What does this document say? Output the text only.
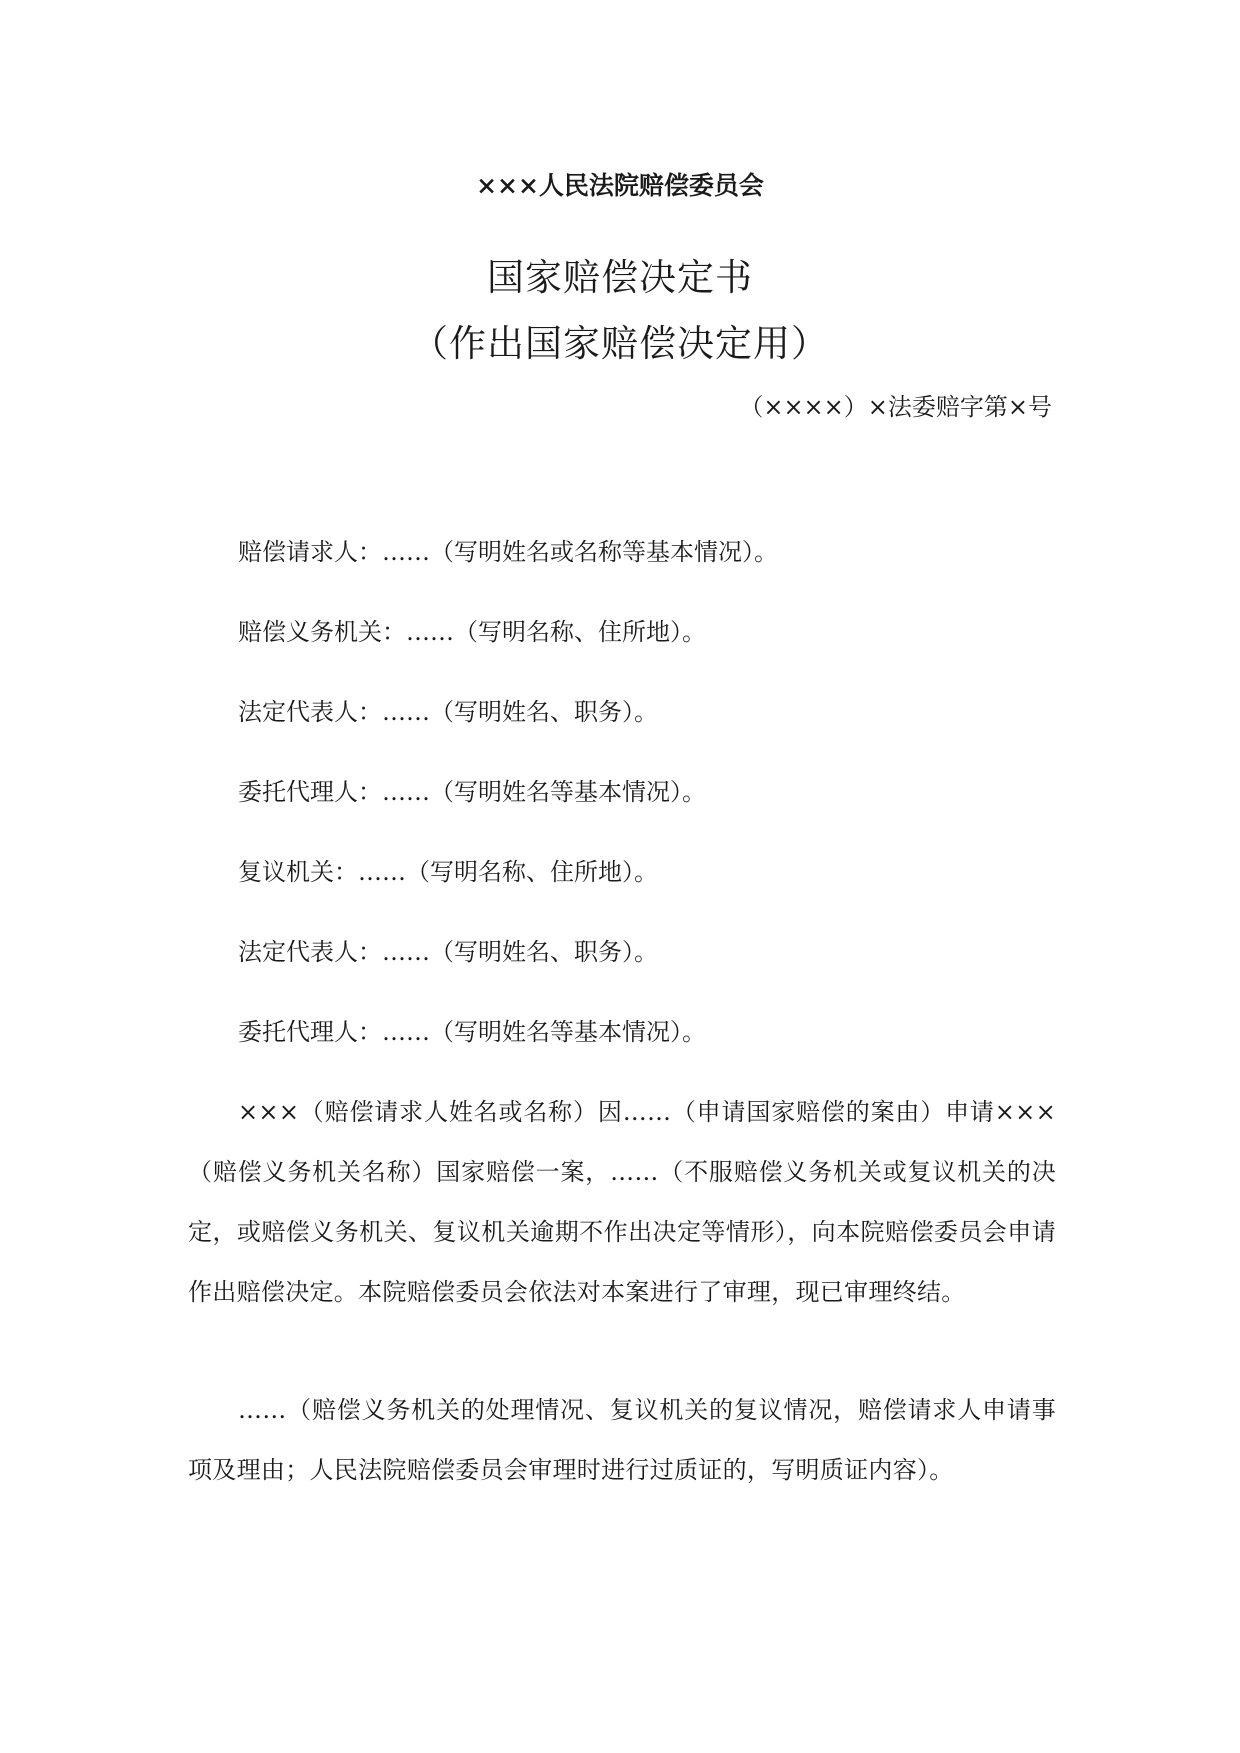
×××人民法院赔偿委员会
国家赔偿决定书
（作出国家赔偿决定用）
（××××）×法委赔字第×号
赔偿请求人：……（写明姓名或名称等基本情况）。
赔偿义务机关：……（写明名称、住所地）。
法定代表人：……（写明姓名、职务）。
委托代理人：……（写明姓名等基本情况）。
复议机关：……（写明名称、住所地）。
法定代表人：……（写明姓名、职务）。
委托代理人：……（写明姓名等基本情况）。
×××（赔偿请求人姓名或名称）因……（申请国家赔偿的案由）申请×××（赔偿义务机关名称）国家赔偿一案，……（不服赔偿义务机关或复议机关的决定，或赔偿义务机关、复议机关逾期不作出决定等情形），向本院赔偿委员会申请作出赔偿决定。本院赔偿委员会依法对本案进行了审理，现已审理终结。
……（赔偿义务机关的处理情况、复议机关的复议情况，赔偿请求人申请事项及理由；人民法院赔偿委员会审理时进行过质证的，写明质证内容）。
